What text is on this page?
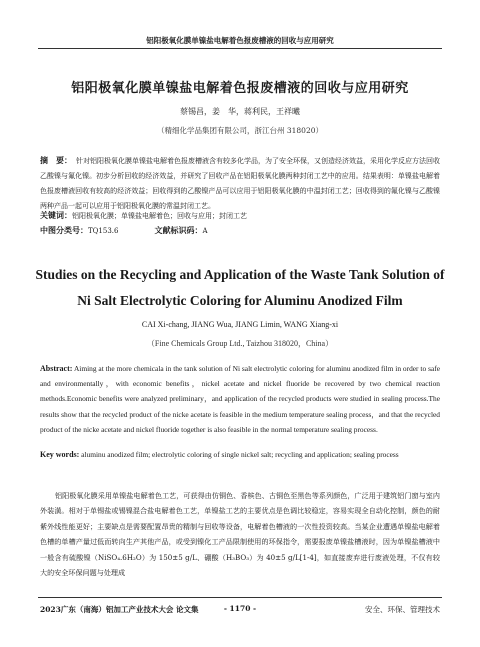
铝阳极氧化膜单镍盐电解着色报废槽液的回收与应用研究
铝阳极氧化膜单镍盐电解着色报废槽液的回收与应用研究
蔡锡昌，姜　华，蒋利民，王祥曦
（精细化学品集团有限公司，浙江台州 318020）
摘　要： 针对铝阳极氧化膜单镍盐电解着色报废槽液含有较多化学品，为了安全环保，又创造经济效益，采用化学反应方法回收乙酸镍与氟化镍。初步分析回收的经济效益，并研究了回收产品在铝阳极氧化膜两种封闭工艺中的应用。结果表明：单镍盐电解着色报废槽液回收有较高的经济效益；回收得到的乙酸镍产品可以应用于铝阳极氧化膜的中温封闭工艺；回收得到的氟化镍与乙酸镍两种产品一起可以应用于铝阳极氧化膜的常温封闭工艺。
关键词：铝阳极氧化膜；单镍盐电解着色；回收与应用；封闭工艺
中图分类号：TQ153.6	文献标识码：A
Studies on the Recycling and Application of the Waste Tank Solution of
Ni Salt Electrolytic Coloring for Aluminu Anodized Film
CAI Xi-chang, JIANG Wua, JIANG Limin, WANG Xiang-xi
（Fine Chemicals Group Ltd., Taizhou 318020，China）
Abstract: Aiming at the more chemicala in the tank solution of Ni salt electrolytic coloring for aluminu anodized film in order to safe and environmentally，with economic benefits，nickel acetate and nickel fluoride be recovered by two chemical reaction methods.Economic benefits were analyzed preliminary，and application of the recycled products were studied in sealing process.The results show that the recycled product of the nicke acetate is feasible in the medium temperature sealing process，and that the recycled product of the nicke acetate and nickel fluoride together is also feasible in the normal temperature sealing process.
Key words: aluminu anodized film; electrolytic coloring of single nickel salt; recycling and application; sealing process
铝阳极氧化膜采用单镍盐电解着色工艺，可获得由仿铜色、香槟色、古铜色至黑色等系列颜色，广泛用于建筑铝门窗与室内外装潢。相对于单锡盐或锡镍混合盐电解着色工艺，单镍盐工艺的主要优点是色调比较稳定，容易实现全自动化控制，颜色的耐紫外线性能更好；主要缺点是需要配置昂贵的精制与回收等设备，电解着色槽液的一次性投资较高。当某企业遭遇单镍盐电解着色槽的单槽产量过低而转向生产其他产品，或受到镍化工产品限制使用的环保指令，需要报废单镍盐槽液时，因为单镍盐槽液中一般含有硫酸镍（NiSO₄.6H₂O）为 150±5 g/L、硼酸（H₃BO₃）为 40±5 g/L[1-4]，如直接废弃进行废液处理，不仅有较大的安全环保问题与处理成
2023广东（南海）铝加工产业技术大会 论文集	- 1170 -	安全、环保、管理技术
